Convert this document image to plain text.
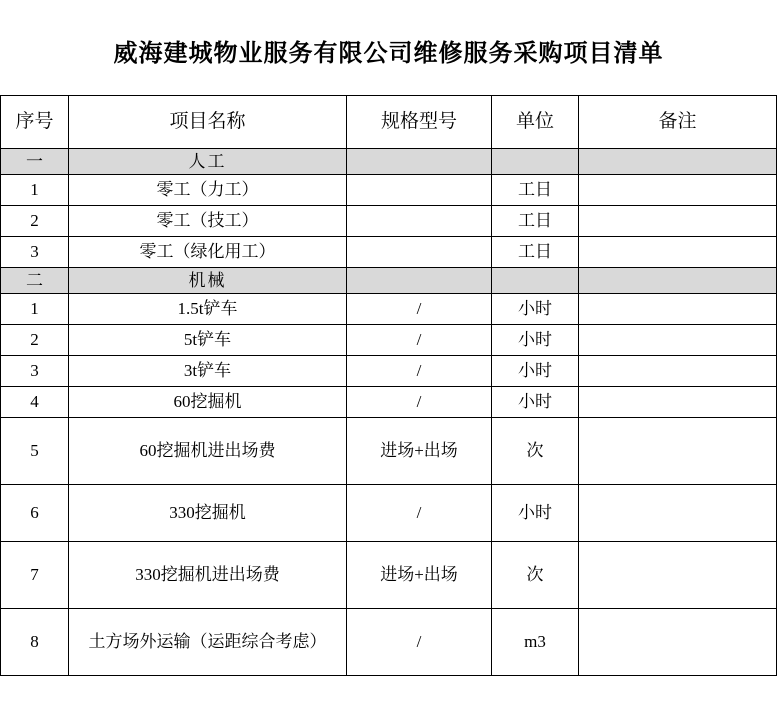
威海建城物业服务有限公司维修服务采购项目清单
序号	项目名称	规格型号	单位	备注

一	人工			

1	零工（力工）		工日	

2	零工（技工）		工日	

3	零工（绿化用工）		工日	

二	机械			

1	1.5t铲车	/	小时	

2	5t铲车	/	小时	

3	3t铲车	/	小时	

4	60挖掘机	/	小时	

5	60挖掘机进出场费	进场+出场	次	

6	330挖掘机	/	小时	

7	330挖掘机进出场费	进场+出场	次	

8	土方场外运输（运距综合考虑）	/	m3	
